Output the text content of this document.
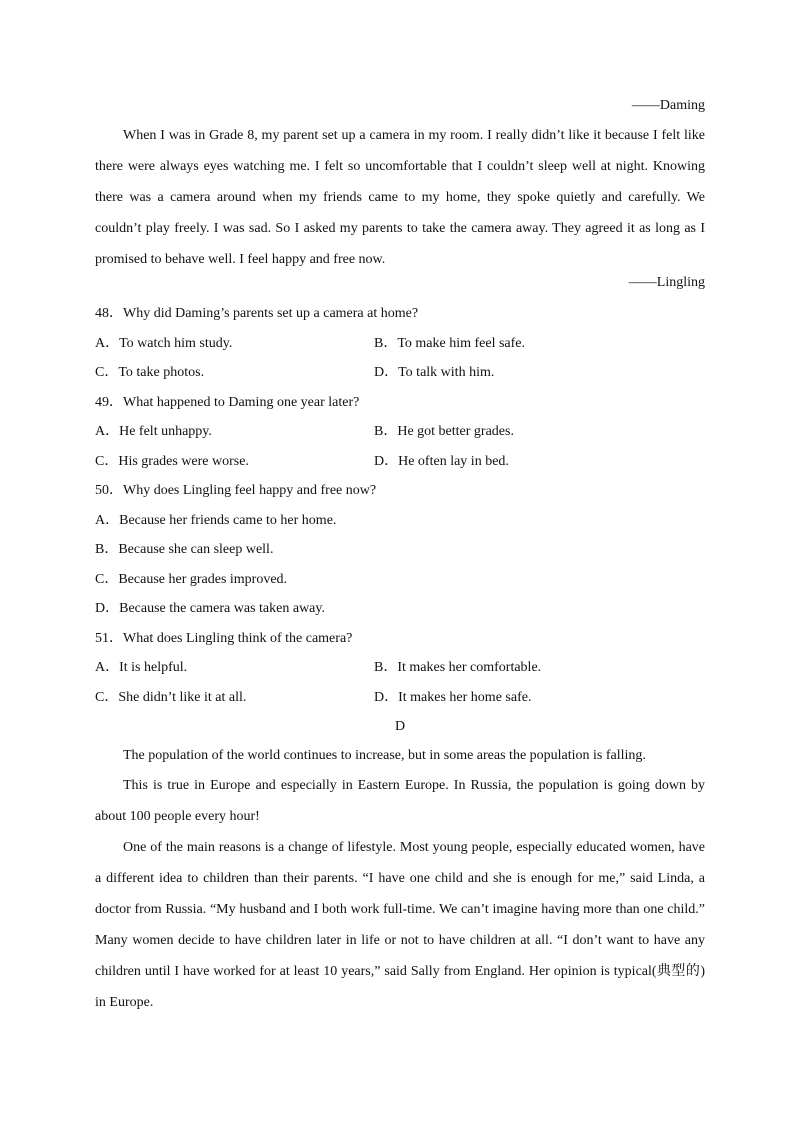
——Daming

When I was in Grade 8, my parent set up a camera in my room. I really didn’t like it because I felt like there were always eyes watching me. I felt so uncomfortable that I couldn’t sleep well at night. Knowing there was a camera around when my friends came to my home, they spoke quietly and carefully. We couldn’t play freely. I was sad. So I asked my parents to take the camera away. They agreed it as long as I promised to behave well. I feel happy and free now.

——Lingling
48．Why did Daming’s parents set up a camera at home?
A．To watch him study.	B．To make him feel safe.
C．To take photos.	D．To talk with him.
49．What happened to Daming one year later?
A．He felt unhappy.	B．He got better grades.
C．His grades were worse.	D．He often lay in bed.
50．Why does Lingling feel happy and free now?
A．Because her friends came to her home.
B．Because she can sleep well.
C．Because her grades improved.
D．Because the camera was taken away.
51．What does Lingling think of the camera?
A．It is helpful.	B．It makes her comfortable.
C．She didn’t like it at all.	D．It makes her home safe.
D

The population of the world continues to increase, but in some areas the population is falling.

This is true in Europe and especially in Eastern Europe. In Russia, the population is going down by about 100 people every hour!

One of the main reasons is a change of lifestyle. Most young people, especially educated women, have a different idea to children than their parents. “I have one child and she is enough for me,” said Linda, a doctor from Russia. “My husband and I both work full-time. We can’t imagine having more than one child.” Many women decide to have children later in life or not to have children at all. “I don’t want to have any children until I have worked for at least 10 years,” said Sally from England. Her opinion is typical(典型的) in Europe.
